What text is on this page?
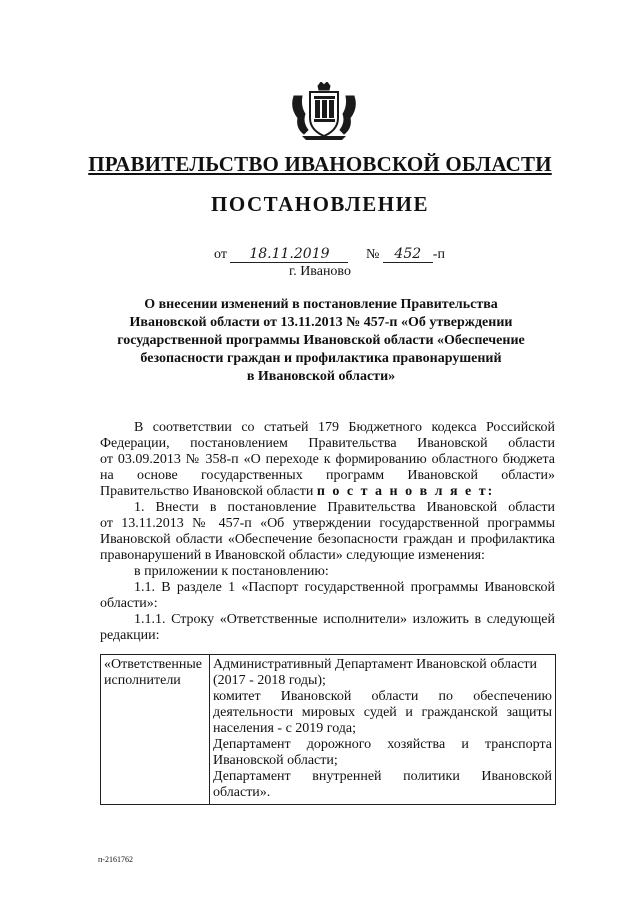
ПРАВИТЕЛЬСТВО ИВАНОВСКОЙ ОБЛАСТИ
ПОСТАНОВЛЕНИЕ
от 18.11.2019	№ 452 -п
г. Иваново
О внесении изменений в постановление Правительства
Ивановской области от 13.11.2013 № 457-п «Об утверждении
государственной программы Ивановской области «Обеспечение
безопасности граждан и профилактика правонарушений
в Ивановской области»

В соответствии со статьей 179 Бюджетного кодекса Российской

Федерации, постановлением Правительства Ивановской области

от 03.09.2013 № 358-п «О переходе к формированию областного бюджета

на основе государственных программ Ивановской области»

Правительство Ивановской области п о с т а н о в л я е т:

1. Внести в постановление Правительства Ивановской области

от 13.11.2013 № 457-п «Об утверждении государственной программы

Ивановской области «Обеспечение безопасности граждан и профилактика

правонарушений в Ивановской области» следующие изменения:

в приложении к постановлению:

1.1. В разделе 1 «Паспорт государственной программы Ивановской

области»:

1.1.1. Строку «Ответственные исполнители» изложить в следующей

редакции:

«Ответственные
исполнители

Административный Департамент Ивановской области
(2017 - 2018 годы);
комитет Ивановской области по обеспечению
деятельности мировых судей и гражданской защиты
населения - с 2019 года;
Департамент дорожного хозяйства и транспорта
Ивановской области;
Департамент внутренней политики Ивановской
области».
п-2161762
